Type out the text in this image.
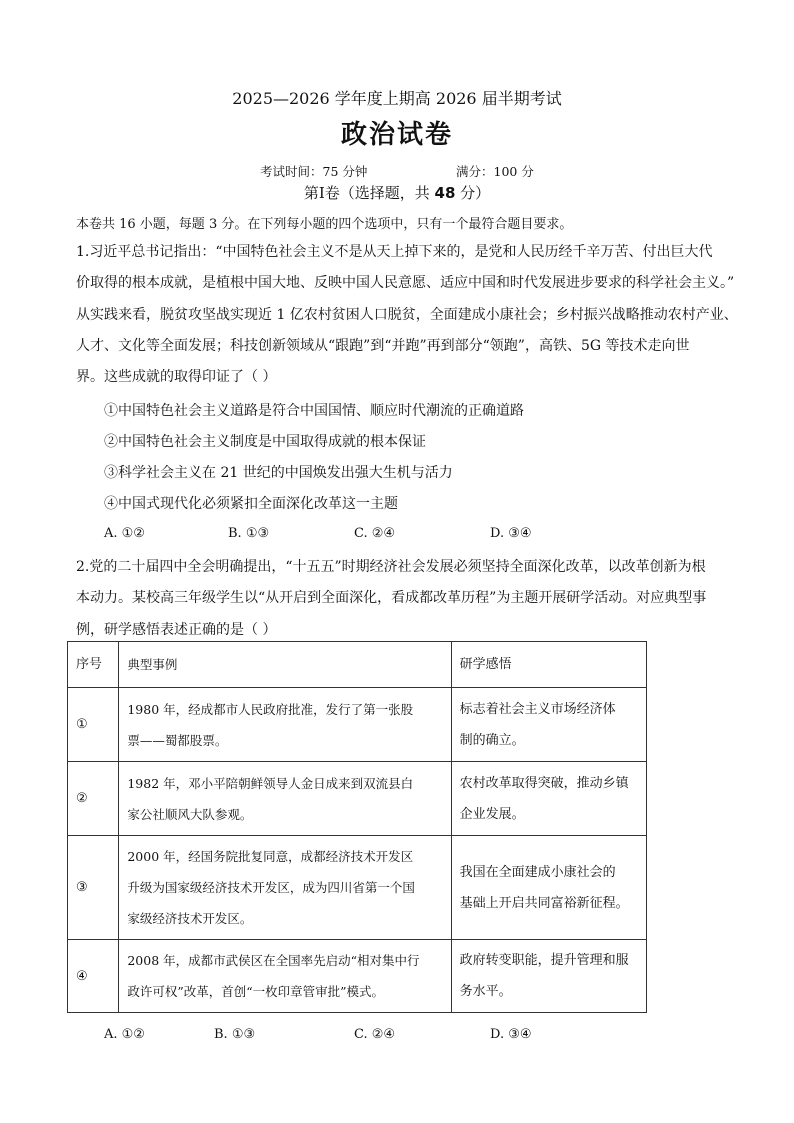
2025—2026 学年度上期高 2026 届半期考试
政治试卷
考试时间：75 分钟	满分：100 分
第Ⅰ卷（选择题，共 48 分）
本卷共 16 小题，每题 3 分。在下列每小题的四个选项中，只有一个最符合题目要求。
1.习近平总书记指出：“中国特色社会主义不是从天上掉下来的，是党和人民历经千辛万苦、付出巨大代
价取得的根本成就，是植根中国大地、反映中国人民意愿、适应中国和时代发展进步要求的科学社会主义。”
从实践来看，脱贫攻坚战实现近 1 亿农村贫困人口脱贫，全面建成小康社会；乡村振兴战略推动农村产业、
人才、文化等全面发展；科技创新领域从“跟跑”到“并跑”再到部分“领跑”，高铁、5G 等技术走向世
界。这些成就的取得印证了（ ）
①中国特色社会主义道路是符合中国国情、顺应时代潮流的正确道路
②中国特色社会主义制度是中国取得成就的根本保证
③科学社会主义在 21 世纪的中国焕发出强大生机与活力
④中国式现代化必须紧扣全面深化改革这一主题
A. ①②	B. ①③	C. ②④	D. ③④
2.党的二十届四中全会明确提出，“十五五”时期经济社会发展必须坚持全面深化改革，以改革创新为根
本动力。某校高三年级学生以“从开启到全面深化，看成都改革历程”为主题开展研学活动。对应典型事
例，研学感悟表述正确的是（ ）
序号	典型事例	研学感悟
①	1980 年，经成都市人民政府批准，发行了第一张股
票——蜀都股票。	标志着社会主义市场经济体
制的确立。

②	1982 年，邓小平陪朝鲜领导人金日成来到双流县白
家公社顺风大队参观。	农村改革取得突破，推动乡镇
企业发展。

③	2000 年，经国务院批复同意，成都经济技术开发区
升级为国家级经济技术开发区，成为四川省第一个国
家级经济技术开发区。	我国在全面建成小康社会的
基础上开启共同富裕新征程。

④	2008 年，成都市武侯区在全国率先启动“相对集中行
政许可权”改革，首创“一枚印章管审批”模式。	政府转变职能，提升管理和服
务水平。
A. ①②	B. ①③	C. ②④	D. ③④
